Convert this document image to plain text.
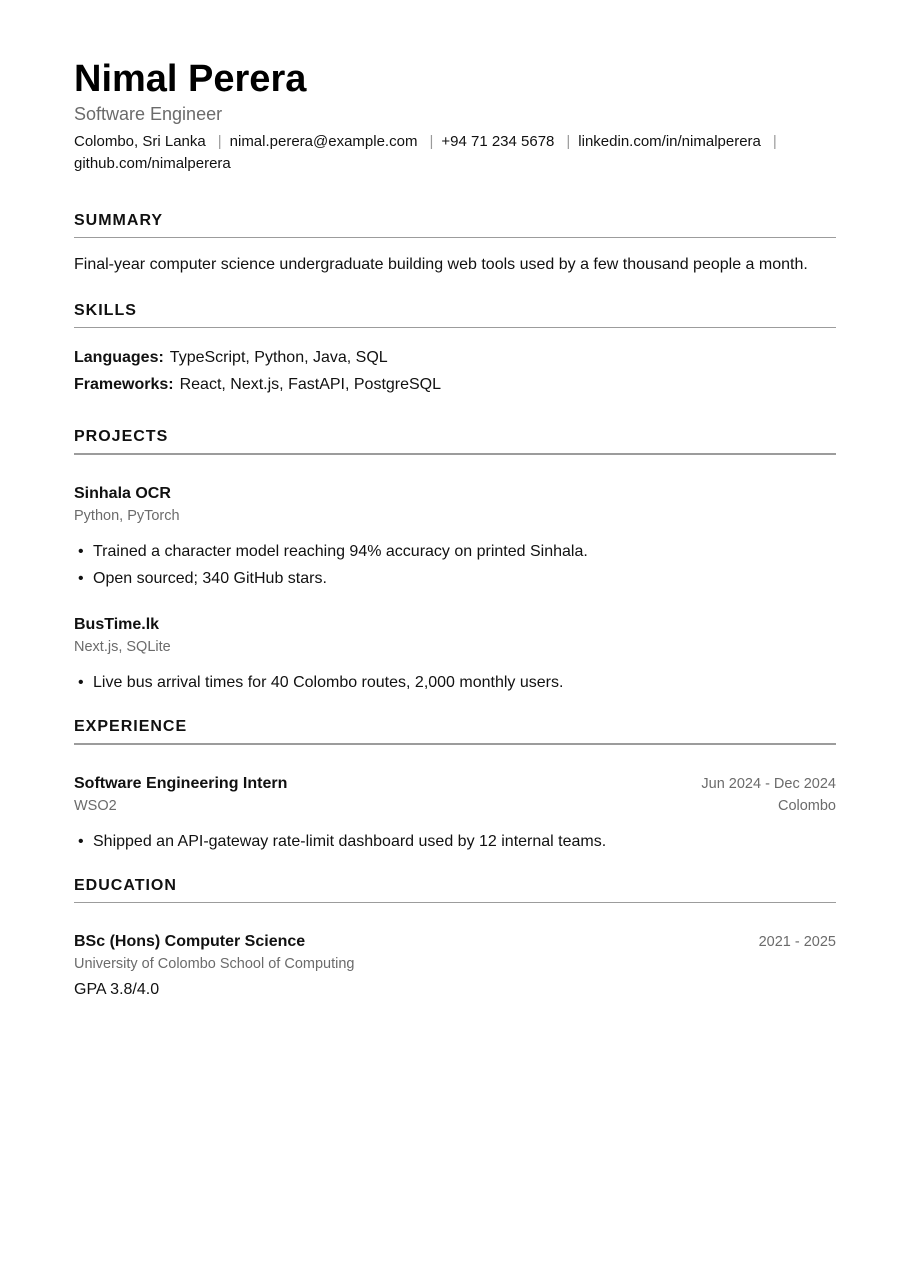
Nimal Perera
Software Engineer
Colombo, Sri Lanka | nimal.perera@example.com | +94 71 234 5678 | linkedin.com/in/nimalperera | github.com/nimalperera
SUMMARY
Final-year computer science undergraduate building web tools used by a few thousand people a month.
SKILLS
Languages: TypeScript, Python, Java, SQL
Frameworks: React, Next.js, FastAPI, PostgreSQL
PROJECTS
Sinhala OCR
Python, PyTorch
• Trained a character model reaching 94% accuracy on printed Sinhala.
• Open sourced; 340 GitHub stars.
BusTime.lk
Next.js, SQLite
• Live bus arrival times for 40 Colombo routes, 2,000 monthly users.
EXPERIENCE
Software Engineering Intern	Jun 2024 - Dec 2024
WSO2	Colombo
• Shipped an API-gateway rate-limit dashboard used by 12 internal teams.
EDUCATION
BSc (Hons) Computer Science	2021 - 2025
University of Colombo School of Computing
GPA 3.8/4.0
